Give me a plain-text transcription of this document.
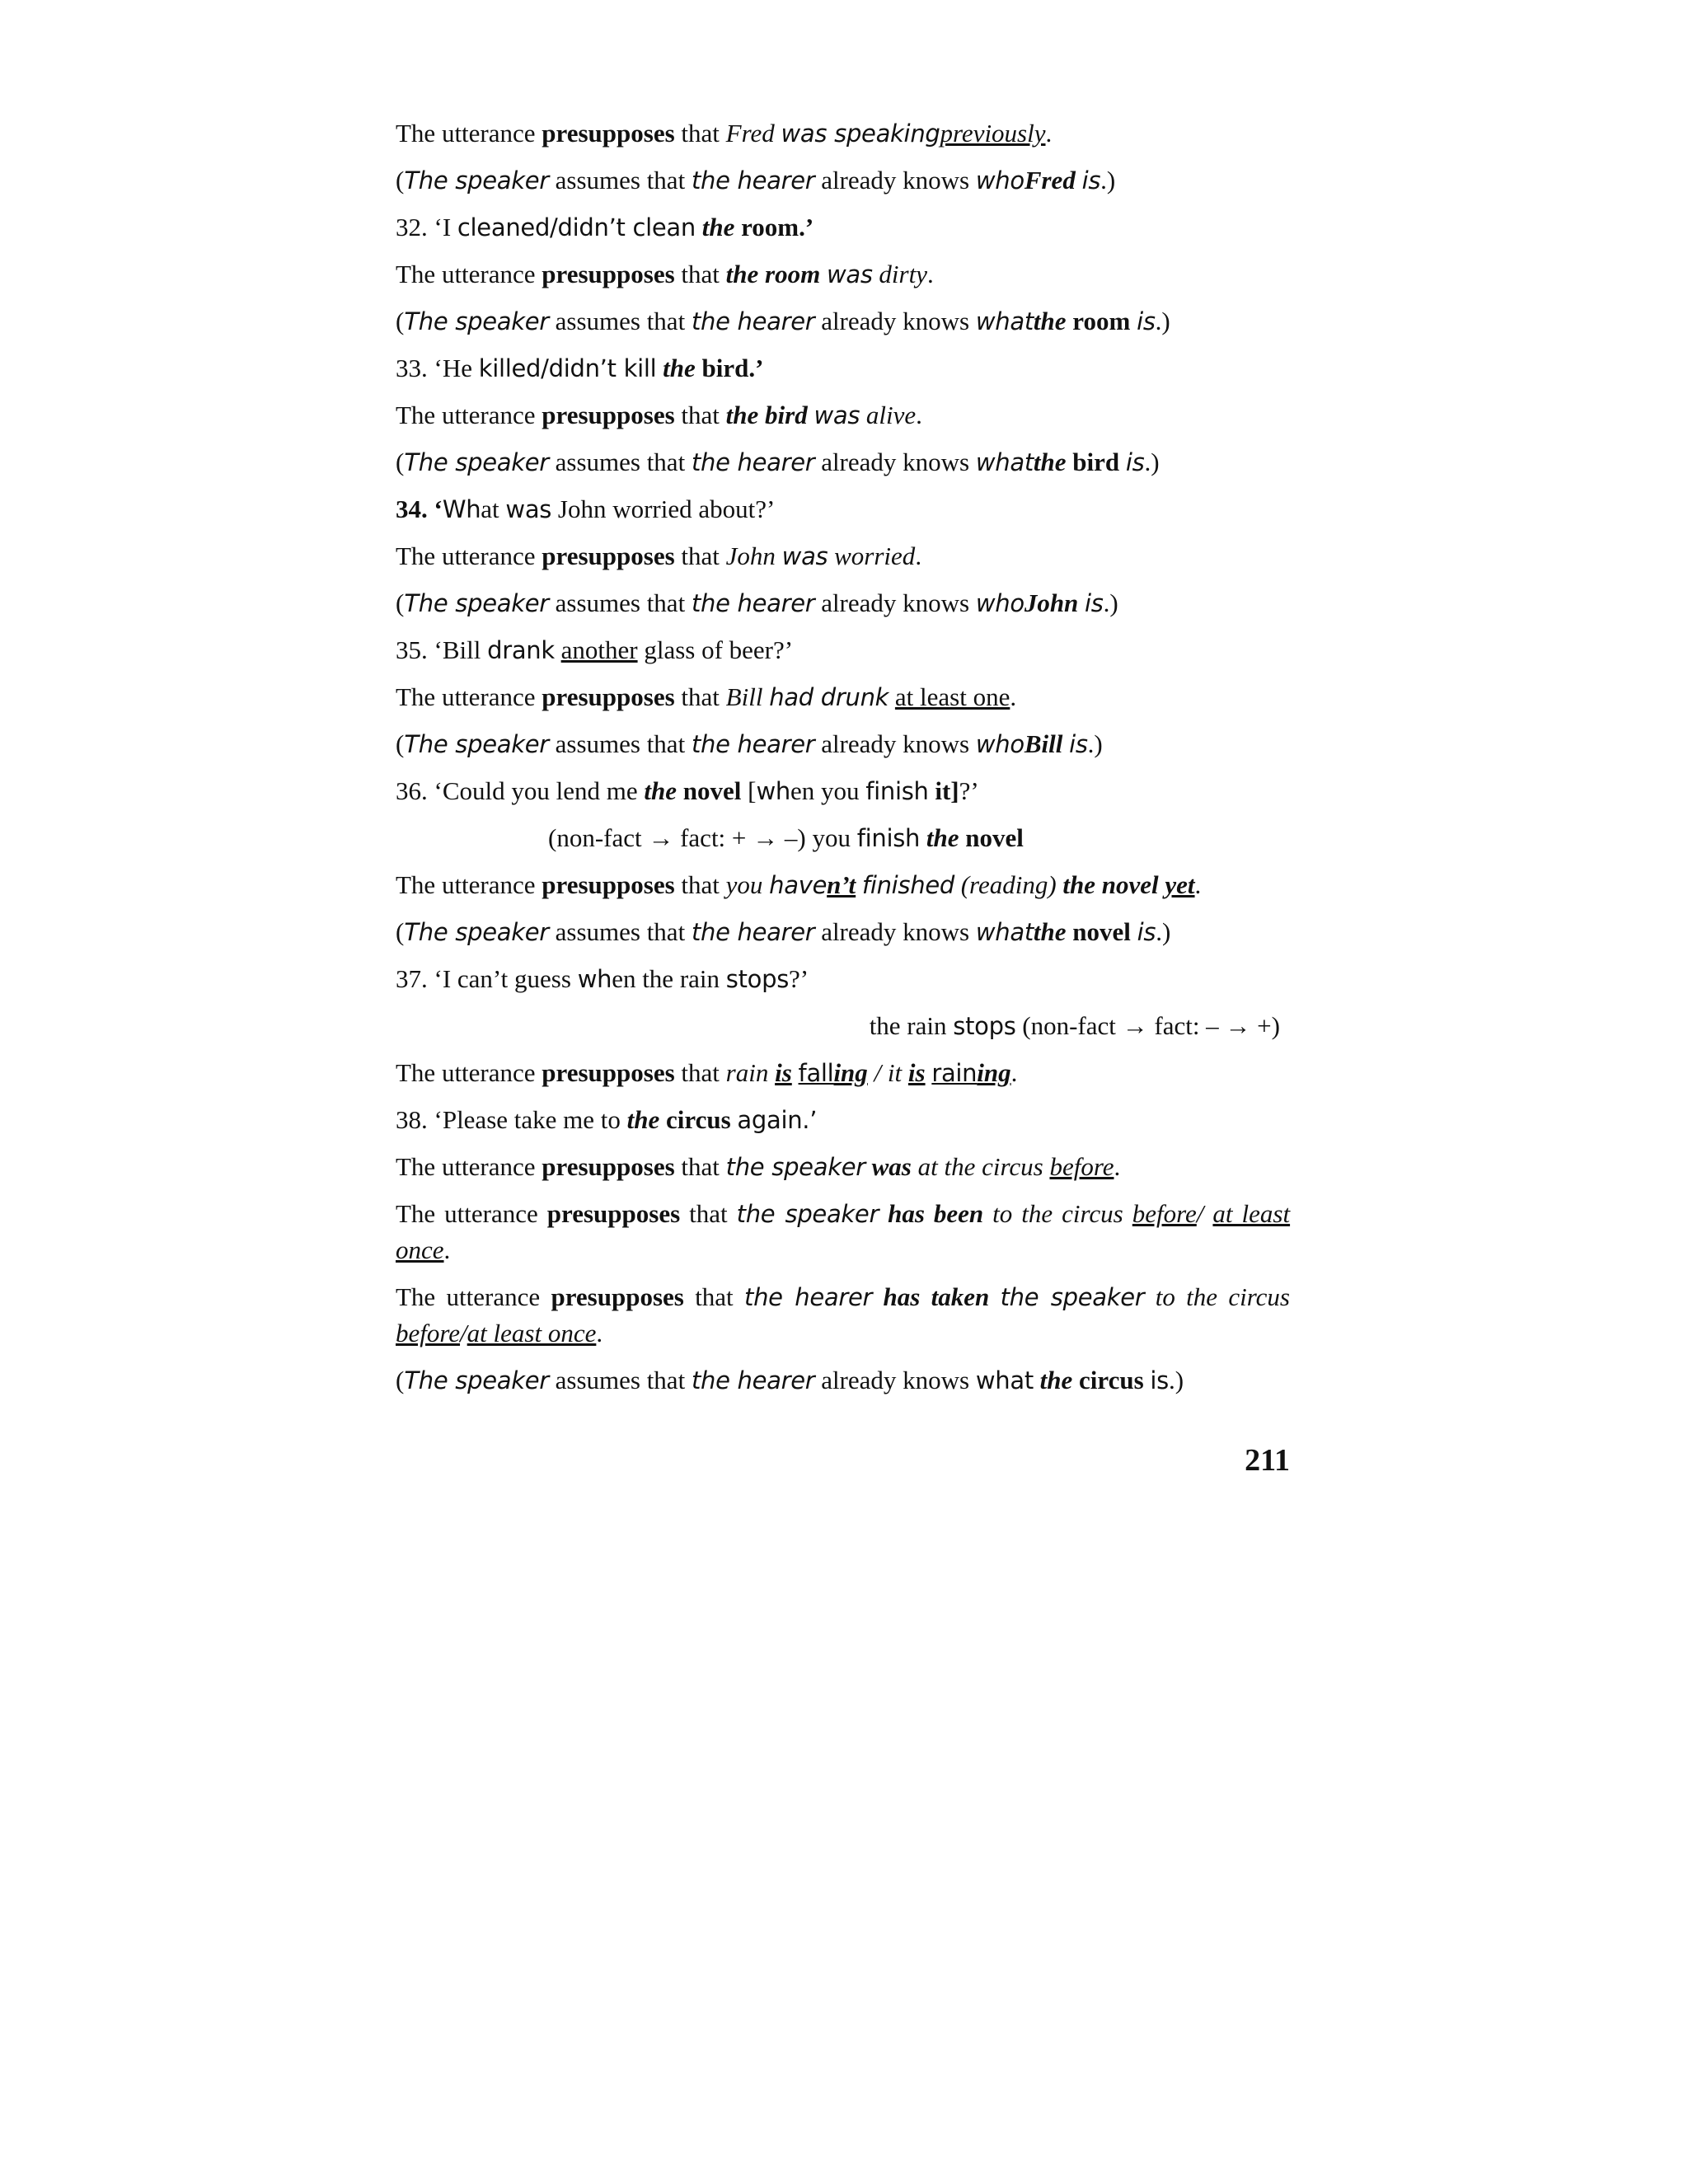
The utterance presupposes that Fred was speakingpreviously.
(The speaker assumes that the hearer already knows whoFred is.)
32. ‘I cleaned/didn’t clean the room.’
The utterance presupposes that the room was dirty.
(The speaker assumes that the hearer already knows whatthe room is.)
33. ‘He killed/didn’t kill the bird.’
The utterance presupposes that the bird was alive.
(The speaker assumes that the hearer already knows whatthe bird is.)
34. ‘What was John worried about?’
The utterance presupposes that John was worried.
(The speaker assumes that the hearer already knows whoJohn is.)
35. ‘Bill drank another glass of beer?’
The utterance presupposes that Bill had drunk at least one.
(The speaker assumes that the hearer already knows whoBill is.)
36. ‘Could you lend me the novel [when you finish it]?’
(non-fact → fact: + → –) you finish the novel
The utterance presupposes that you haven’t finished (reading) the novel yet.
(The speaker assumes that the hearer already knows whatthe novel is.)
37. ‘I can’t guess when the rain stops?’
the rain stops (non-fact → fact: – → +)
The utterance presupposes that rain is falling / it is raining.
38. ‘Please take me to the circus again.’
The utterance presupposes that the speaker was at the circus before.
The utterance presupposes that the speaker has been to the circus before/ at least once.
The utterance presupposes that the hearer has taken the speaker to the circus before/at least once.
(The speaker assumes that the hearer already knows what the circus is.)
211
